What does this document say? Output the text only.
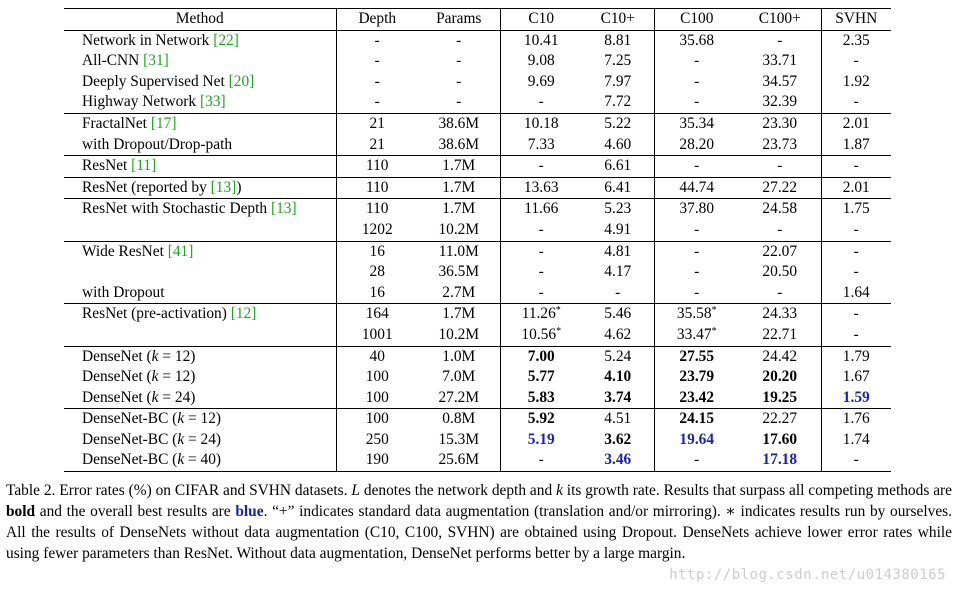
Method	Depth	Params	C10	C10+	C100	C100+	SVHN
Network in Network [22]	-	-	10.41	8.81	35.68	-	2.35
All-CNN [31]	-	-	9.08	7.25	-	33.71	-
Deeply Supervised Net [20]	-	-	9.69	7.97	-	34.57	1.92
Highway Network [33]	-	-	-	7.72	-	32.39	-
FractalNet [17]	21	38.6M	10.18	5.22	35.34	23.30	2.01
with Dropout/Drop-path	21	38.6M	7.33	4.60	28.20	23.73	1.87
ResNet [11]	110	1.7M	-	6.61	-	-	-
ResNet (reported by [13])	110	1.7M	13.63	6.41	44.74	27.22	2.01
ResNet with Stochastic Depth [13]	110	1.7M	11.66	5.23	37.80	24.58	1.75
	1202	10.2M	-	4.91	-	-	-
Wide ResNet [41]	16	11.0M	-	4.81	-	22.07	-
	28	36.5M	-	4.17	-	20.50	-
with Dropout	16	2.7M	-	-	-	-	1.64
ResNet (pre-activation) [12]	164	1.7M	11.26*	5.46	35.58*	24.33	-
	1001	10.2M	10.56*	4.62	33.47*	22.71	-
DenseNet (k = 12)	40	1.0M	7.00	5.24	27.55	24.42	1.79
DenseNet (k = 12)	100	7.0M	5.77	4.10	23.79	20.20	1.67
DenseNet (k = 24)	100	27.2M	5.83	3.74	23.42	19.25	1.59
DenseNet-BC (k = 12)	100	0.8M	5.92	4.51	24.15	22.27	1.76
DenseNet-BC (k = 24)	250	15.3M	5.19	3.62	19.64	17.60	1.74
DenseNet-BC (k = 40)	190	25.6M	-	3.46	-	17.18	-

Table 2. Error rates (%) on CIFAR and SVHN datasets. L denotes the network depth and k its growth rate. Results that surpass all competing methods are bold and the overall best results are blue. “+” indicates standard data augmentation (translation and/or mirroring). ∗ indicates results run by ourselves. All the results of DenseNets without data augmentation (C10, C100, SVHN) are obtained using Dropout. DenseNets achieve lower error rates while using fewer parameters than ResNet. Without data augmentation, DenseNet performs better by a large margin.

http://blog.csdn.net/u014380165
